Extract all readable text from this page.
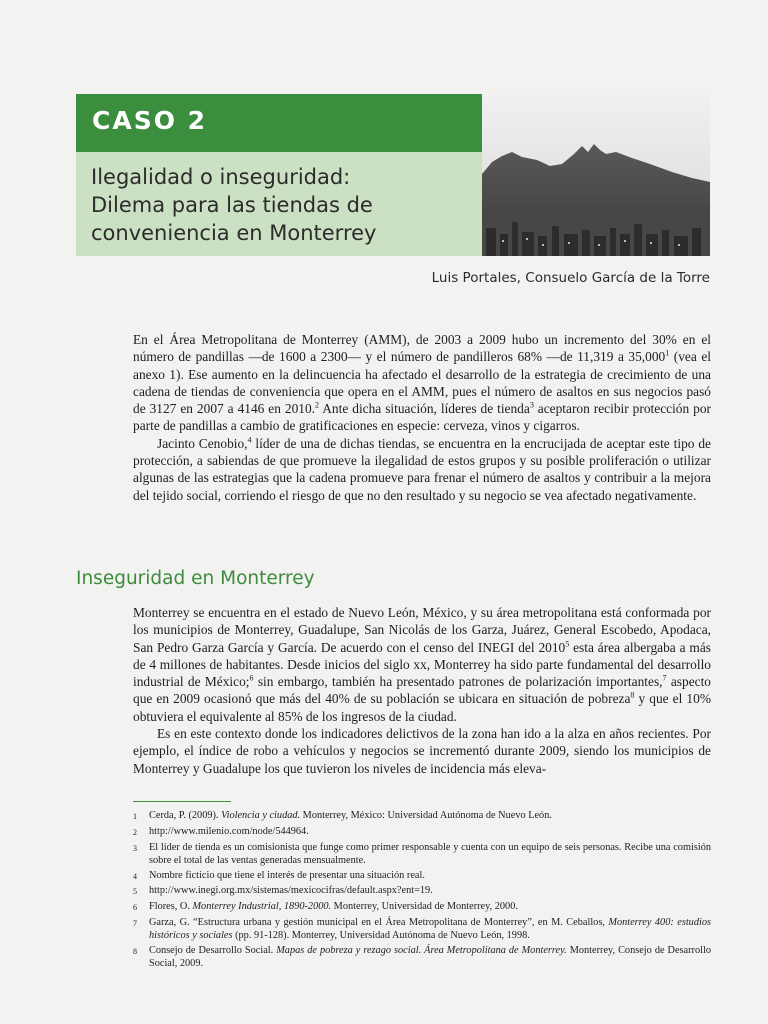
CASO 2
Ilegalidad o inseguridad:
Dilema para las tiendas de
conveniencia en Monterrey
Luis Portales, Consuelo García de la Torre

En el Área Metropolitana de Monterrey (AMM), de 2003 a 2009 hubo un incremento del 30% en el número de pandillas —de 1600 a 2300— y el número de pandilleros 68% —de 11,319 a 35,000$^1$ (vea el anexo 1). Ese aumento en la delincuencia ha afectado el desarrollo de la estrategia de crecimiento de una cadena de tiendas de conveniencia que opera en el AMM, pues el número de asaltos en sus negocios pasó de 3127 en 2007 a 4146 en 2010.$^2$ Ante dicha situación, líderes de tienda$^3$ aceptaron recibir protección por parte de pandillas a cambio de gratificaciones en especie: cerveza, vinos y cigarros.

Jacinto Cenobio,$^4$ líder de una de dichas tiendas, se encuentra en la encrucijada de aceptar este tipo de protección, a sabiendas de que promueve la ilegalidad de estos grupos y su posible proliferación o utilizar algunas de las estrategias que la cadena promueve para frenar el número de asaltos y contribuir a la mejora del tejido social, corriendo el riesgo de que no den resultado y su negocio se vea afectado negativamente.

Inseguridad en Monterrey

Monterrey se encuentra en el estado de Nuevo León, México, y su área metropolitana está conformada por los municipios de Monterrey, Guadalupe, San Nicolás de los Garza, Juárez, General Escobedo, Apodaca, San Pedro Garza García y García. De acuerdo con el censo del INEGI del 2010$^5$ esta área albergaba a más de 4 millones de habitantes. Desde inicios del siglo xx, Monterrey ha sido parte fundamental del desarrollo industrial de México;$^6$ sin embargo, también ha presentado patrones de polarización importantes,$^7$ aspecto que en 2009 ocasionó que más del 40% de su población se ubicara en situación de pobreza$^8$ y que el 10% obtuviera el equivalente al 85% de los ingresos de la ciudad.

Es en este contexto donde los indicadores delictivos de la zona han ido a la alza en años recientes. Por ejemplo, el índice de robo a vehículos y negocios se incrementó durante 2009, siendo los municipios de Monterrey y Guadalupe los que tuvieron los niveles de incidencia más eleva-

1	Cerda, P. (2009). Violencia y ciudad. Monterrey, México: Universidad Autónoma de Nuevo León.
2	http://www.milenio.com/node/544964.
3	El líder de tienda es un comisionista que funge como primer responsable y cuenta con un equipo de seis personas. Recibe una comisión sobre el total de las ventas generadas mensualmente.
4	Nombre ficticio que tiene el interés de presentar una situación real.
5	http://www.inegi.org.mx/sistemas/mexicocifras/default.aspx?ent=19.
6	Flores, O. Monterrey Industrial, 1890-2000. Monterrey, Universidad de Monterrey, 2000.
7	Garza, G. “Estructura urbana y gestión municipal en el Área Metropolitana de Monterrey”, en M. Ceballos, Monterrey 400: estudios históricos y sociales (pp. 91-128). Monterrey, Universidad Autónoma de Nuevo León, 1998.
8	Consejo de Desarrollo Social. Mapas de pobreza y rezago social. Área Metropolitana de Monterrey. Monterrey, Consejo de Desarrollo Social, 2009.
